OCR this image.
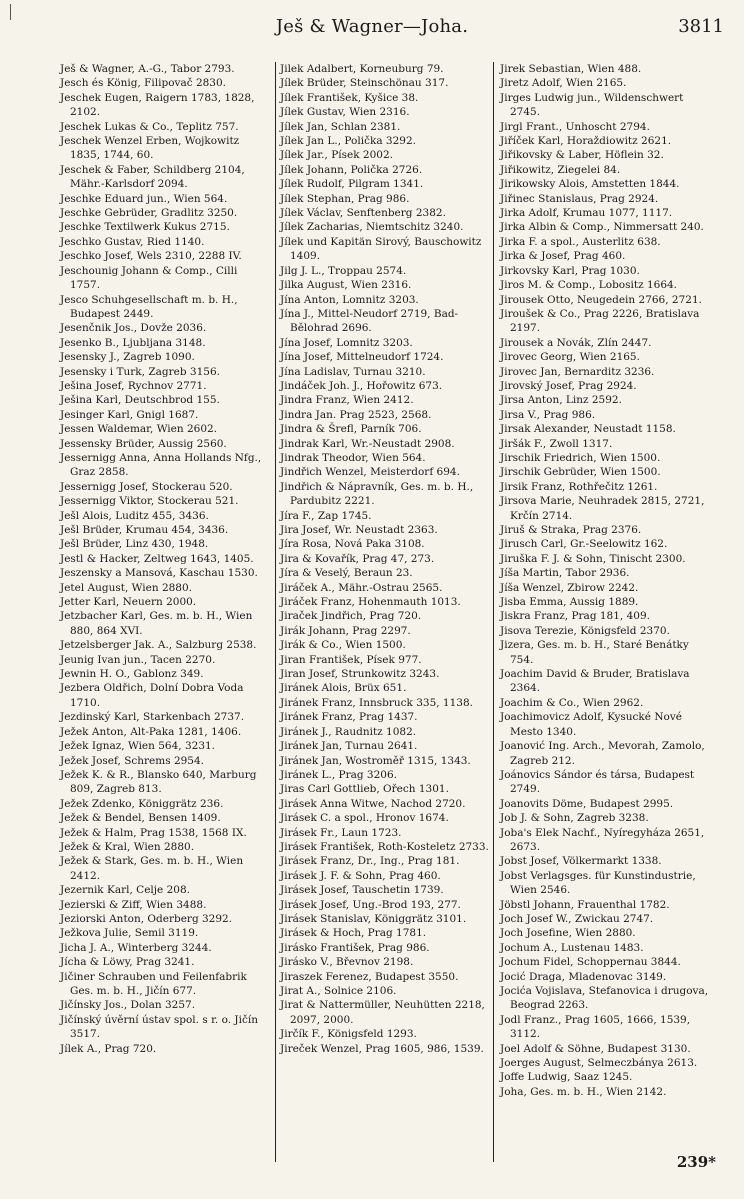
Ješ & Wagner—Joha.	3811

Ješ & Wagner, A.-G., Tabor 2793.

Jesch és König, Filipovač 2830.

Jeschek Eugen, Raigern 1783, 1828, 2102.

Jeschek Lukas & Co., Teplitz 757.

Jeschek Wenzel Erben, Wojkowitz 1835, 1744, 60.

Jeschek & Faber, Schildberg 2104, Mähr.-Karlsdorf 2094.

Jeschke Eduard jun., Wien 564.

Jeschke Gebrüder, Gradlitz 3250.

Jeschke Textilwerk Kukus 2715.

Jeschko Gustav, Ried 1140.

Jeschko Josef, Wels 2310, 2288 IV.

Jeschounig Johann & Comp., Cilli 1757.

Jesco Schuhgesellschaft m. b. H., Budapest 2449.

Jesenčnik Jos., Dovže 2036.

Jesenko B., Ljubljana 3148.

Jesensky J., Zagreb 1090.

Jesensky i Turk, Zagreb 3156.

Ješina Josef, Rychnov 2771.

Ješina Karl, Deutschbrod 155.

Jesinger Karl, Gnigl 1687.

Jessen Waldemar, Wien 2602.

Jessensky Brüder, Aussig 2560.

Jessernigg Anna, Anna Hollands Nfg., Graz 2858.

Jessernigg Josef, Stockerau 520.

Jessernigg Viktor, Stockerau 521.

Ješl Alois, Luditz 455, 3436.

Ješl Brüder, Krumau 454, 3436.

Ješl Brüder, Linz 430, 1948.

Jestl & Hacker, Zeltweg 1643, 1405.

Jeszensky a Mansová, Kaschau 1530.

Jetel August, Wien 2880.

Jetter Karl, Neuern 2000.

Jetzbacher Karl, Ges. m. b. H., Wien 880, 864 XVI.

Jetzelsberger Jak. A., Salzburg 2538.

Jeunig Ivan jun., Tacen 2270.

Jewnin H. O., Gablonz 349.

Jezbera Oldřich, Dolní Dobra Voda 1710.

Jezdinský Karl, Starkenbach 2737.

Ježek Anton, Alt-Paka 1281, 1406.

Ježek Ignaz, Wien 564, 3231.

Ježek Josef, Schrems 2954.

Ježek K. & R., Blansko 640, Marburg 809, Zagreb 813.

Ježek Zdenko, Königgrätz 236.

Ježek & Bendel, Bensen 1409.

Ježek & Halm, Prag 1538, 1568 IX.

Ježek & Kral, Wien 2880.

Ježek & Stark, Ges. m. b. H., Wien 2412.

Jezernik Karl, Celje 208.

Jezierski & Ziff, Wien 3488.

Jeziorski Anton, Oderberg 3292.

Ježkova Julie, Semil 3119.

Jicha J. A., Winterberg 3244.

Jícha & Löwy, Prag 3241.

Jičiner Schrauben und Feilenfabrik Ges. m. b. H., Jičín 677.

Jičínsky Jos., Dolan 3257.

Jičínský úvěrní ústav spol. s r. o. Jičín 3517.

Jílek A., Prag 720.

Jilek Adalbert, Korneuburg 79.

Jílek Brüder, Steinschönau 317.

Jílek František, Kyšice 38.

Jílek Gustav, Wien 2316.

Jílek Jan, Schlan 2381.

Jílek Jan L., Polička 3292.

Jílek Jar., Písek 2002.

Jílek Johann, Polička 2726.

Jílek Rudolf, Pilgram 1341.

Jílek Stephan, Prag 986.

Jílek Václav, Senftenberg 2382.

Jílek Zacharias, Niemtschitz 3240.

Jílek und Kapitän Sirový, Bauschowitz 1409.

Jilg J. L., Troppau 2574.

Jilka August, Wien 2316.

Jína Anton, Lomnitz 3203.

Jína J., Mittel-Neudorf 2719, Bad-Bělohrad 2696.

Jína Josef, Lomnitz 3203.

Jína Josef, Mittelneudorf 1724.

Jína Ladislav, Turnau 3210.

Jindáček Joh. J., Hořowitz 673.

Jindra Franz, Wien 2412.

Jindra Jan. Prag 2523, 2568.

Jindra & Šrefl, Parník 706.

Jindrak Karl, Wr.-Neustadt 2908.

Jindrak Theodor, Wien 564.

Jindřich Wenzel, Meisterdorf 694.

Jindřich & Nápravník, Ges. m. b. H., Pardubitz 2221.

Jíra F., Zap 1745.

Jira Josef, Wr. Neustadt 2363.

Jíra Rosa, Nová Paka 3108.

Jira & Kovařík, Prag 47, 273.

Jíra & Veselý, Beraun 23.

Jiráček A., Mähr.-Ostrau 2565.

Jiráček Franz, Hohenmauth 1013.

Jiraček Jindřich, Prag 720.

Jirák Johann, Prag 2297.

Jirák & Co., Wien 1500.

Jiran František, Písek 977.

Jiran Josef, Strunkowitz 3243.

Jiránek Alois, Brüx 651.

Jiránek Franz, Innsbruck 335, 1138.

Jiránek Franz, Prag 1437.

Jiránek J., Raudnitz 1082.

Jiránek Jan, Turnau 2641.

Jiránek Jan, Wostroměř 1315, 1343.

Jiránek L., Prag 3206.

Jiras Carl Gottlieb, Ořech 1301.

Jirásek Anna Witwe, Nachod 2720.

Jirásek C. a spol., Hronov 1674.

Jirásek Fr., Laun 1723.

Jirásek František, Roth-Kosteletz 2733.

Jirásek Franz, Dr., Ing., Prag 181.

Jirásek J. F. & Sohn, Prag 460.

Jirásek Josef, Tauschetin 1739.

Jirásek Josef, Ung.-Brod 193, 277.

Jirásek Stanislav, Königgrätz 3101.

Jirásek & Hoch, Prag 1781.

Jirásko František, Prag 986.

Jirásko V., Břevnov 2198.

Jiraszek Ferenez, Budapest 3550.

Jirat A., Solnice 2106.

Jirat & Nattermüller, Neuhütten 2218, 2097, 2000.

Jirčík F., Königsfeld 1293.

Jireček Wenzel, Prag 1605, 986, 1539.

Jirek Sebastian, Wien 488.

Jiretz Adolf, Wien 2165.

Jirges Ludwig jun., Wildenschwert 2745.

Jirgl Frant., Unhoscht 2794.

Jiříček Karl, Horaždiowitz 2621.

Jiřikovsky & Laber, Höflein 32.

Jiřikowitz, Ziegelei 84.

Jirikowsky Alois, Amstetten 1844.

Jiřinec Stanislaus, Prag 2924.

Jirka Adolf, Krumau 1077, 1117.

Jirka Albin & Comp., Nimmersatt 240.

Jirka F. a spol., Austerlitz 638.

Jirka & Josef, Prag 460.

Jirkovsky Karl, Prag 1030.

Jiros M. & Comp., Lobositz 1664.

Jirousek Otto, Neugedein 2766, 2721.

Jiroušek & Co., Prag 2226, Bratislava 2197.

Jirousek a Novák, Zlín 2447.

Jirovec Georg, Wien 2165.

Jirovec Jan, Bernarditz 3236.

Jirovský Josef, Prag 2924.

Jirsa Anton, Linz 2592.

Jirsa V., Prag 986.

Jirsak Alexander, Neustadt 1158.

Jiršák F., Zwoll 1317.

Jirschik Friedrich, Wien 1500.

Jirschik Gebrüder, Wien 1500.

Jirsik Franz, Rothřečitz 1261.

Jirsova Marie, Neuhradek 2815, 2721, Krčín 2714.

Jiruš & Straka, Prag 2376.

Jirusch Carl, Gr.-Seelowitz 162.

Jiruška F. J. & Sohn, Tinischt 2300.

Jíša Martin, Tabor 2936.

Jíša Wenzel, Zbirow 2242.

Jisba Emma, Aussig 1889.

Jiskra Franz, Prag 181, 409.

Jisova Terezie, Königsfeld 2370.

Jizera, Ges. m. b. H., Staré Benátky 754.

Joachim David & Bruder, Bratislava 2364.

Joachim & Co., Wien 2962.

Joachimovicz Adolf, Kysucké Nové Mesto 1340.

Joanović Ing. Arch., Mevorah, Zamolo, Zagreb 212.

Joánovics Sándor és társa, Budapest 2749.

Joanovits Döme, Budapest 2995.

Job J. & Sohn, Zagreb 3238.

Joba's Elek Nachf., Nyíregyháza 2651, 2673.

Jobst Josef, Völkermarkt 1338.

Jobst Verlagsges. für Kunstindustrie, Wien 2546.

Jöbstl Johann, Frauenthal 1782.

Joch Josef W., Zwickau 2747.

Joch Josefine, Wien 2880.

Jochum A., Lustenau 1483.

Jochum Fidel, Schoppernau 3844.

Jocić Draga, Mladenovac 3149.

Jocića Vojislava, Stefanovica i drugova, Beograd 2263.

Jodl Franz., Prag 1605, 1666, 1539, 3112.

Joel Adolf & Söhne, Budapest 3130.

Joerges August, Selmeczbánya 2613.

Joffe Ludwig, Saaz 1245.

Joha, Ges. m. b. H., Wien 2142.

239*
